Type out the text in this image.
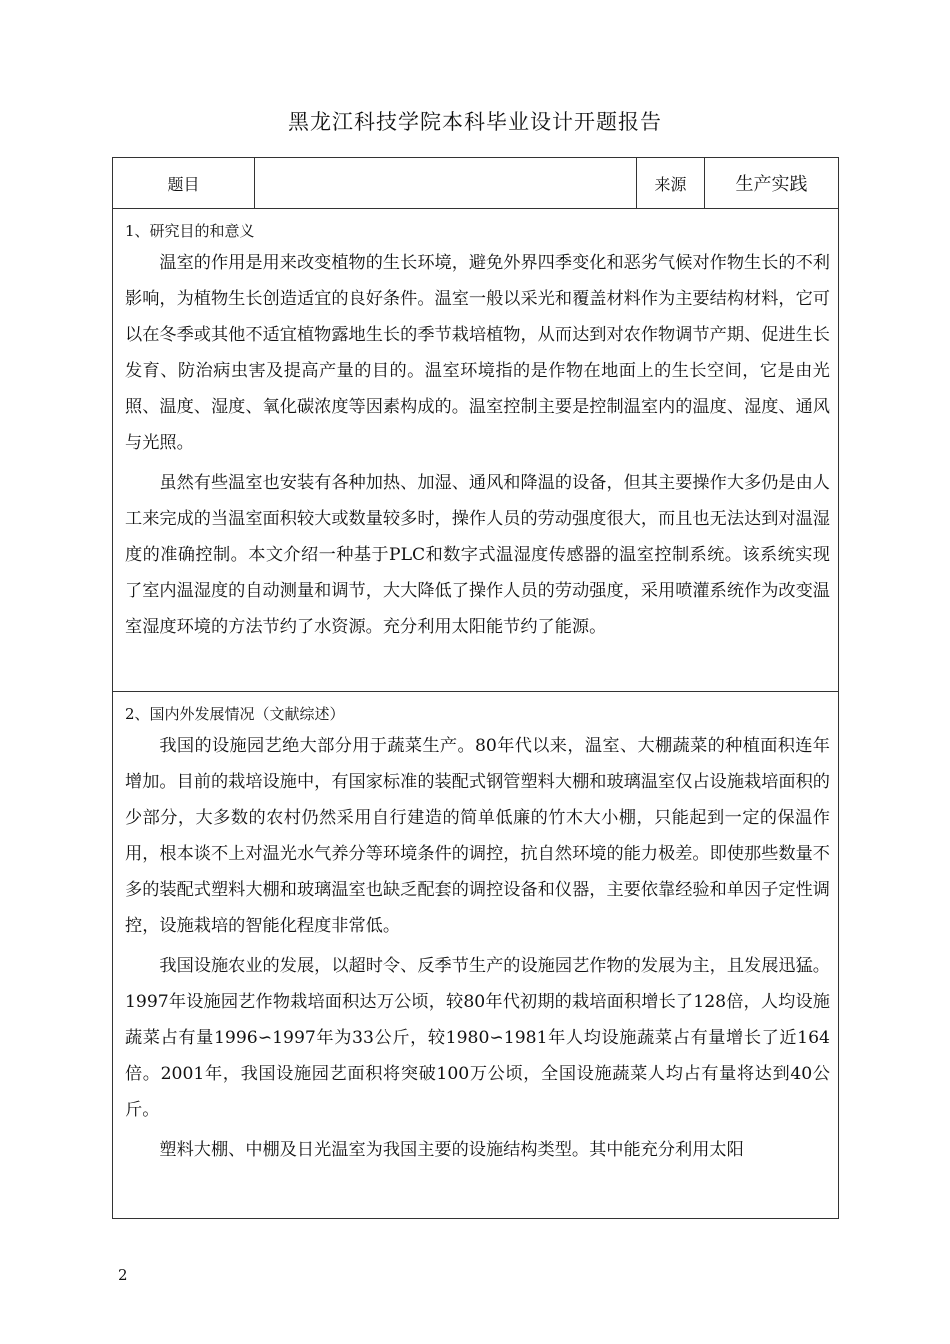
黑龙江科技学院本科毕业设计开题报告
题目	来源	生产实践
1、研究目的和意义

温室的作用是用来改变植物的生长环境，避免外界四季变化和恶劣气候对作物生长的不利影响，为植物生长创造适宜的良好条件。温室一般以采光和覆盖材料作为主要结构材料，它可以在冬季或其他不适宜植物露地生长的季节栽培植物，从而达到对农作物调节产期、促进生长发育、防治病虫害及提高产量的目的。温室环境指的是作物在地面上的生长空间，它是由光照、温度、湿度、氧化碳浓度等因素构成的。温室控制主要是控制温室内的温度、湿度、通风与光照。

虽然有些温室也安装有各种加热、加湿、通风和降温的设备，但其主要操作大多仍是由人工来完成的当温室面积较大或数量较多时，操作人员的劳动强度很大，而且也无法达到对温湿度的准确控制。本文介绍一种基于PLC和数字式温湿度传感器的温室控制系统。该系统实现了室内温湿度的自动测量和调节，大大降低了操作人员的劳动强度，采用喷灌系统作为改变温室湿度环境的方法节约了水资源。充分利用太阳能节约了能源。

2、国内外发展情况（文献综述）

我国的设施园艺绝大部分用于蔬菜生产。80年代以来，温室、大棚蔬菜的种植面积连年增加。目前的栽培设施中，有国家标准的装配式钢管塑料大棚和玻璃温室仅占设施栽培面积的少部分，大多数的农村仍然采用自行建造的简单低廉的竹木大小棚，只能起到一定的保温作用，根本谈不上对温光水气养分等环境条件的调控，抗自然环境的能力极差。即使那些数量不多的装配式塑料大棚和玻璃温室也缺乏配套的调控设备和仪器，主要依靠经验和单因子定性调控，设施栽培的智能化程度非常低。

我国设施农业的发展，以超时令、反季节生产的设施园艺作物的发展为主，且发展迅猛。1997年设施园艺作物栽培面积达万公顷，较80年代初期的栽培面积增长了128倍，人均设施蔬菜占有量1996∽1997年为33公斤，较1980∽1981年人均设施蔬菜占有量增长了近164倍。2001年，我国设施园艺面积将突破100万公顷，全国设施蔬菜人均占有量将达到40公斤。

塑料大棚、中棚及日光温室为我国主要的设施结构类型。其中能充分利用太阳

2
